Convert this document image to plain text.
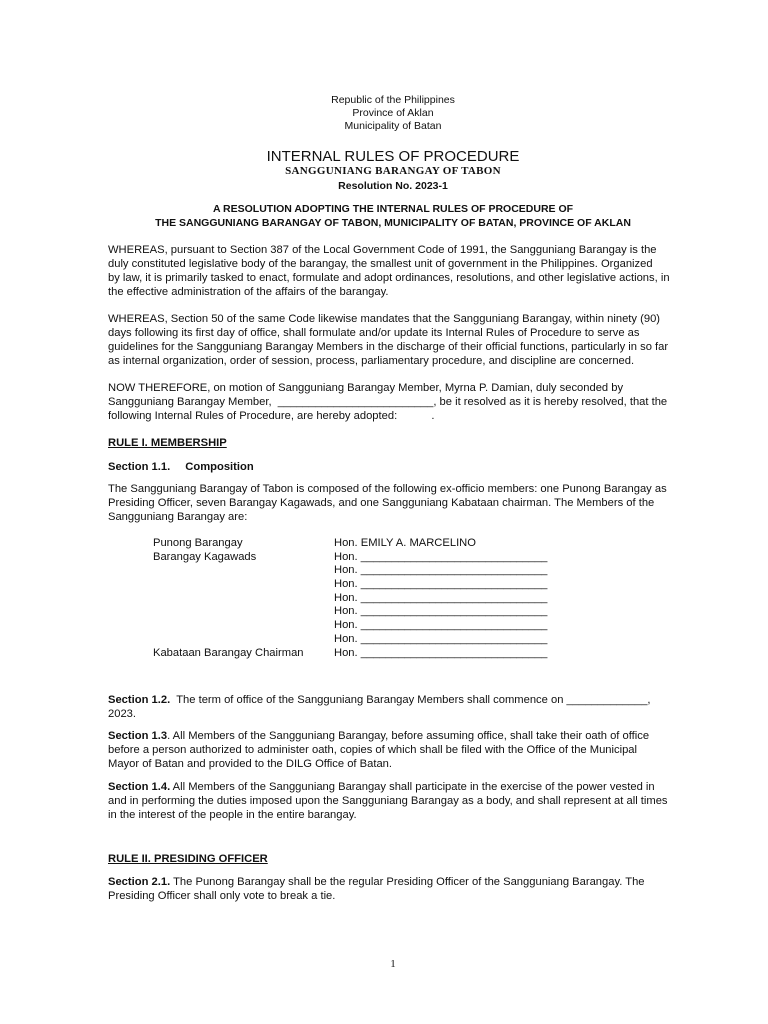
Republic of the Philippines
Province of Aklan
Municipality of Batan
INTERNAL RULES OF PROCEDURE
SANGGUNIANG BARANGAY OF TABON
Resolution No. 2023-1
A RESOLUTION ADOPTING THE INTERNAL RULES OF PROCEDURE OF
THE SANGGUNIANG BARANGAY OF TABON, MUNICIPALITY OF BATAN, PROVINCE OF AKLAN
WHEREAS, pursuant to Section 387 of the Local Government Code of 1991, the Sangguniang Barangay is the
duly constituted legislative body of the barangay, the smallest unit of government in the Philippines. Organized
by law, it is primarily tasked to enact, formulate and adopt ordinances, resolutions, and other legislative actions, in
the effective administration of the affairs of the barangay.
WHEREAS, Section 50 of the same Code likewise mandates that the Sangguniang Barangay, within ninety (90)
days following its first day of office, shall formulate and/or update its Internal Rules of Procedure to serve as
guidelines for the Sangguniang Barangay Members in the discharge of their official functions, particularly in so far
as internal organization, order of session, process, parliamentary procedure, and discipline are concerned.
NOW THEREFORE, on motion of Sangguniang Barangay Member, Myrna P. Damian, duly seconded by
Sangguniang Barangay Member,  _________________________, be it resolved as it is hereby resolved, that the
following Internal Rules of Procedure, are hereby adopted:           .
RULE I. MEMBERSHIP
Section 1.1. Composition
The Sangguniang Barangay of Tabon is composed of the following ex-officio members: one Punong Barangay as
Presiding Officer, seven Barangay Kagawads, and one Sangguniang Kabataan chairman. The Members of the
Sangguniang Barangay are:
Punong Barangay	Hon. EMILY A. MARCELINO
Barangay Kagawads	Hon. ______________________________
Hon. ______________________________
Hon. ______________________________
Hon. ______________________________
Hon. ______________________________
Hon. ______________________________
Hon. ______________________________
Kabataan Barangay Chairman	Hon. ______________________________
Section 1.2.  The term of office of the Sangguniang Barangay Members shall commence on _____________,
2023.
Section 1.3. All Members of the Sangguniang Barangay, before assuming office, shall take their oath of office
before a person authorized to administer oath, copies of which shall be filed with the Office of the Municipal
Mayor of Batan and provided to the DILG Office of Batan.
Section 1.4. All Members of the Sangguniang Barangay shall participate in the exercise of the power vested in
and in performing the duties imposed upon the Sangguniang Barangay as a body, and shall represent at all times
in the interest of the people in the entire barangay.
RULE II. PRESIDING OFFICER
Section 2.1. The Punong Barangay shall be the regular Presiding Officer of the Sangguniang Barangay. The
Presiding Officer shall only vote to break a tie.
1
